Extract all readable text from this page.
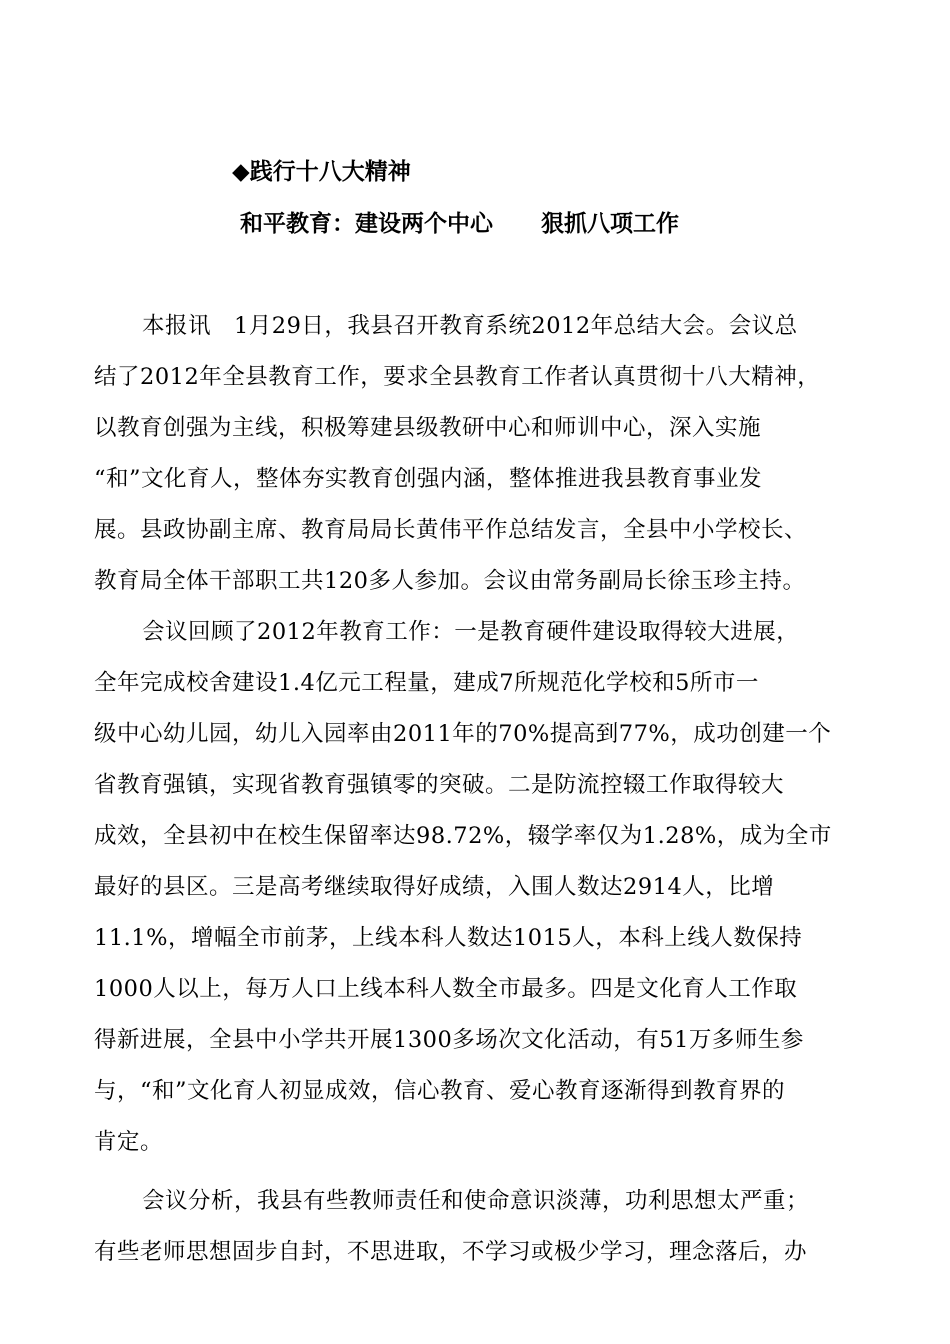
◆践行十八大精神
和平教育：建设两个中心      狠抓八项工作
本报讯   1月29日，我县召开教育系统2012年总结大会。会议总
结了2012年全县教育工作，要求全县教育工作者认真贯彻十八大精神，
以教育创强为主线，积极筹建县级教研中心和师训中心，深入实施
“和”文化育人，整体夯实教育创强内涵，整体推进我县教育事业发
展。县政协副主席、教育局局长黄伟平作总结发言，全县中小学校长、
教育局全体干部职工共120多人参加。会议由常务副局长徐玉珍主持。
会议回顾了2012年教育工作：一是教育硬件建设取得较大进展，
全年完成校舍建设1.4亿元工程量，建成7所规范化学校和5所市一
级中心幼儿园，幼儿入园率由2011年的70%提高到77%，成功创建一个
省教育强镇，实现省教育强镇零的突破。二是防流控辍工作取得较大
成效，全县初中在校生保留率达98.72%，辍学率仅为1.28%，成为全市
最好的县区。三是高考继续取得好成绩，入围人数达2914人，比增
11.1%，增幅全市前茅，上线本科人数达1015人，本科上线人数保持
1000人以上，每万人口上线本科人数全市最多。四是文化育人工作取
得新进展，全县中小学共开展1300多场次文化活动，有51万多师生参
与，“和”文化育人初显成效，信心教育、爱心教育逐渐得到教育界的
肯定。
会议分析，我县有些教师责任和使命意识淡薄，功利思想太严重；
有些老师思想固步自封，不思进取，不学习或极少学习，理念落后，办
